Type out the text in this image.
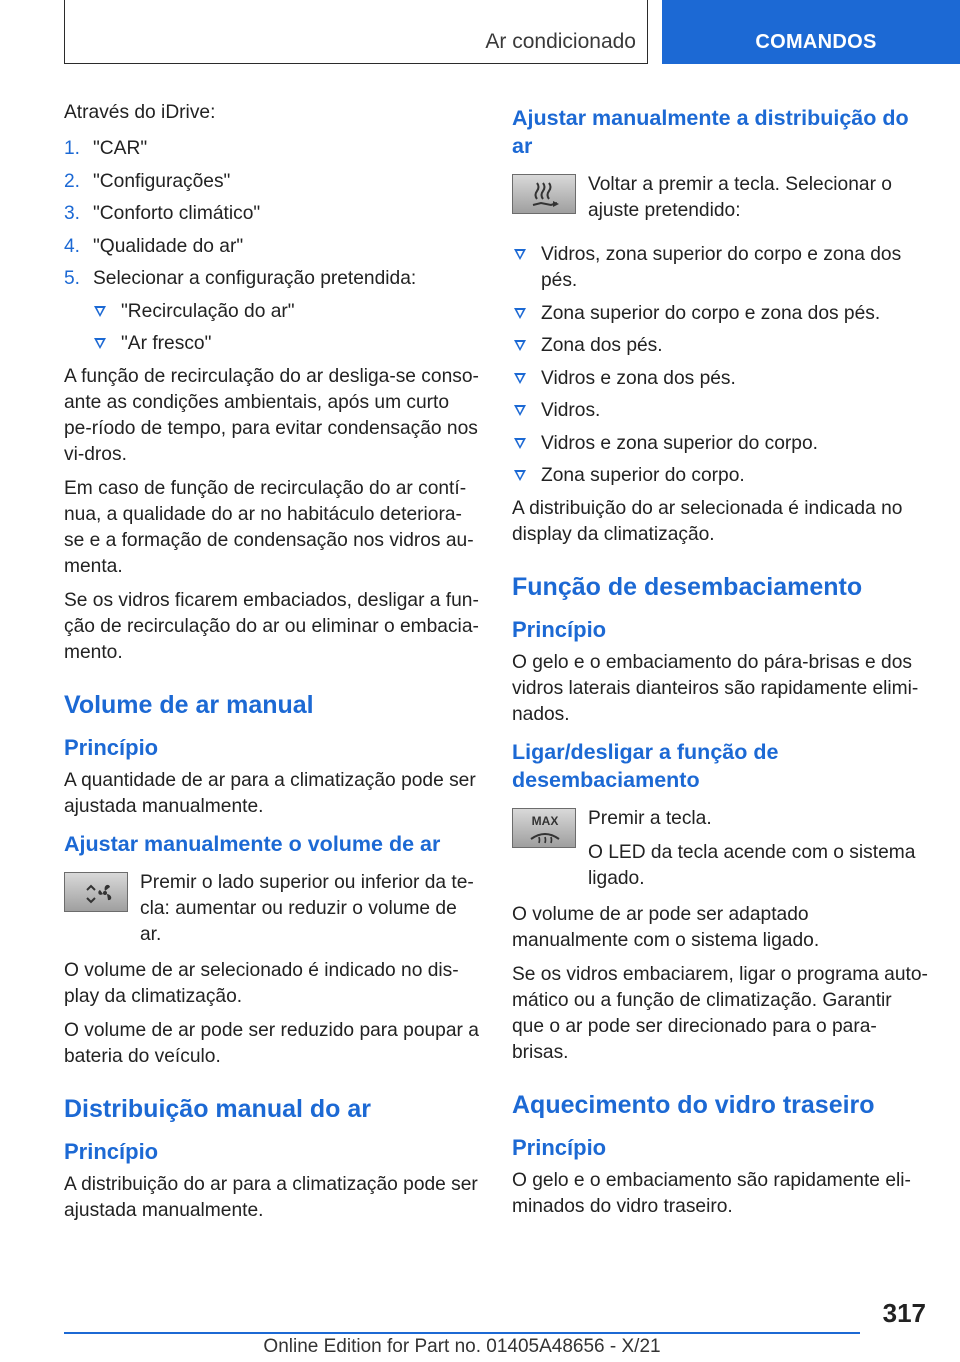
Ar condicionado	COMANDOS

Através do iDrive:

1. "CAR"
2. "Configurações"
3. "Conforto climático"
4. "Qualidade do ar"
5. Selecionar a configuração pretendida:
"Recirculação do ar"
"Ar fresco"

A função de recirculação do ar desliga-se conso-ante as condições ambientais, após um curto pe-ríodo de tempo, para evitar condensação nos vi-dros.

Em caso de função de recirculação do ar contí-nua, a qualidade do ar no habitáculo deteriora-se e a formação de condensação nos vidros au-menta.

Se os vidros ficarem embaciados, desligar a fun-ção de recirculação do ar ou eliminar o embacia-mento.

Volume de ar manual
Princípio

A quantidade de ar para a climatização pode ser ajustada manualmente.

Ajustar manualmente o volume de ar

Premir o lado superior ou inferior da te-cla: aumentar ou reduzir o volume de ar.

O volume de ar selecionado é indicado no dis-play da climatização.

O volume de ar pode ser reduzido para poupar a bateria do veículo.

Distribuição manual do ar
Princípio

A distribuição do ar para a climatização pode ser ajustada manualmente.

Ajustar manualmente a distribuição do ar

Voltar a premir a tecla. Selecionar o ajuste pretendido:

Vidros, zona superior do corpo e zona dos pés.
Zona superior do corpo e zona dos pés.
Zona dos pés.
Vidros e zona dos pés.
Vidros.
Vidros e zona superior do corpo.
Zona superior do corpo.

A distribuição do ar selecionada é indicada no display da climatização.

Função de desembaciamento
Princípio

O gelo e o embaciamento do pára-brisas e dos vidros laterais dianteiros são rapidamente elimi-nados.

Ligar/desligar a função de desembaciamento
MAX Premir a tecla.

O LED da tecla acende com o sistema ligado.

O volume de ar pode ser adaptado manualmente com o sistema ligado.

Se os vidros embaciarem, ligar o programa auto-mático ou a função de climatização. Garantir que o ar pode ser direcionado para o para-brisas.

Aquecimento do vidro traseiro
Princípio

O gelo e o embaciamento são rapidamente eli-minados do vidro traseiro.

317
Online Edition for Part no. 01405A48656 - X/21
